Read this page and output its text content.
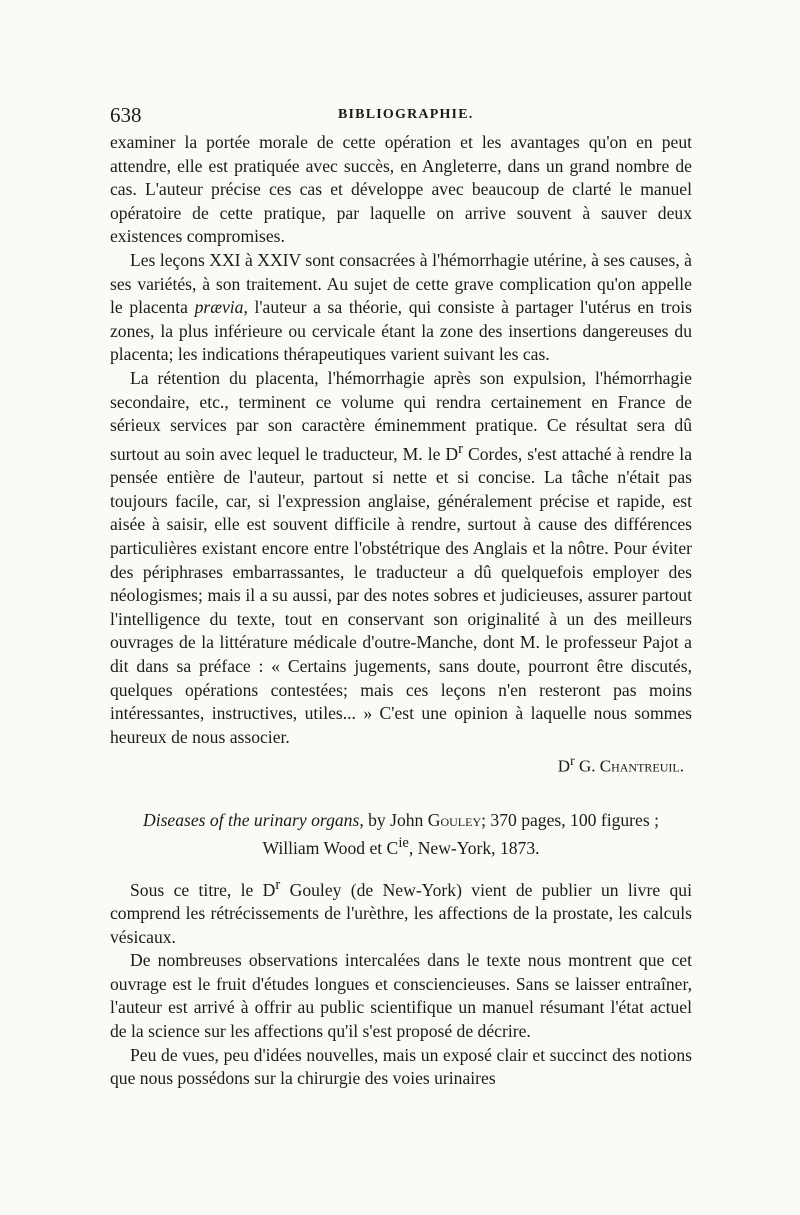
638	BIBLIOGRAPHIE.

examiner la portée morale de cette opération et les avantages qu'on en peut attendre, elle est pratiquée avec succès, en Angleterre, dans un grand nombre de cas. L'auteur précise ces cas et développe avec beaucoup de clarté le manuel opératoire de cette pratique, par laquelle on arrive souvent à sauver deux existences compromises.

Les leçons XXI à XXIV sont consacrées à l'hémorrhagie utérine, à ses causes, à ses variétés, à son traitement. Au sujet de cette grave complication qu'on appelle le placenta prævia, l'auteur a sa théorie, qui consiste à partager l'utérus en trois zones, la plus inférieure ou cervicale étant la zone des insertions dangereuses du placenta; les indications thérapeutiques varient suivant les cas.

La rétention du placenta, l'hémorrhagie après son expulsion, l'hémorrhagie secondaire, etc., terminent ce volume qui rendra certainement en France de sérieux services par son caractère éminemment pratique. Ce résultat sera dû surtout au soin avec lequel le traducteur, M. le $D^r$ Cordes, s'est attaché à rendre la pensée entière de l'auteur, partout si nette et si concise. La tâche n'était pas toujours facile, car, si l'expression anglaise, généralement précise et rapide, est aisée à saisir, elle est souvent difficile à rendre, surtout à cause des différences particulières existant encore entre l'obstétrique des Anglais et la nôtre. Pour éviter des périphrases embarrassantes, le traducteur a dû quelquefois employer des néologismes; mais il a su aussi, par des notes sobres et judicieuses, assurer partout l'intelligence du texte, tout en conservant son originalité à un des meilleurs ouvrages de la littérature médicale d'outre-Manche, dont M. le professeur Pajot a dit dans sa préface : « Certains jugements, sans doute, pourront être discutés, quelques opérations contestées; mais ces leçons n'en resteront pas moins intéressantes, instructives, utiles... » C'est une opinion à laquelle nous sommes heureux de nous associer.

$D^r$ G. Chantreuil.
Diseases of the urinary organs, by John Gouley; 370 pages, 100 figures ;
William Wood et $C^{ie}$, New-York, 1873.

Sous ce titre, le $D^r$ Gouley (de New-York) vient de publier un livre qui comprend les rétrécissements de l'urèthre, les affections de la prostate, les calculs vésicaux.

De nombreuses observations intercalées dans le texte nous montrent que cet ouvrage est le fruit d'études longues et consciencieuses. Sans se laisser entraîner, l'auteur est arrivé à offrir au public scientifique un manuel résumant l'état actuel de la science sur les affections qu'il s'est proposé de décrire.

Peu de vues, peu d'idées nouvelles, mais un exposé clair et succinct des notions que nous possédons sur la chirurgie des voies urinaires
